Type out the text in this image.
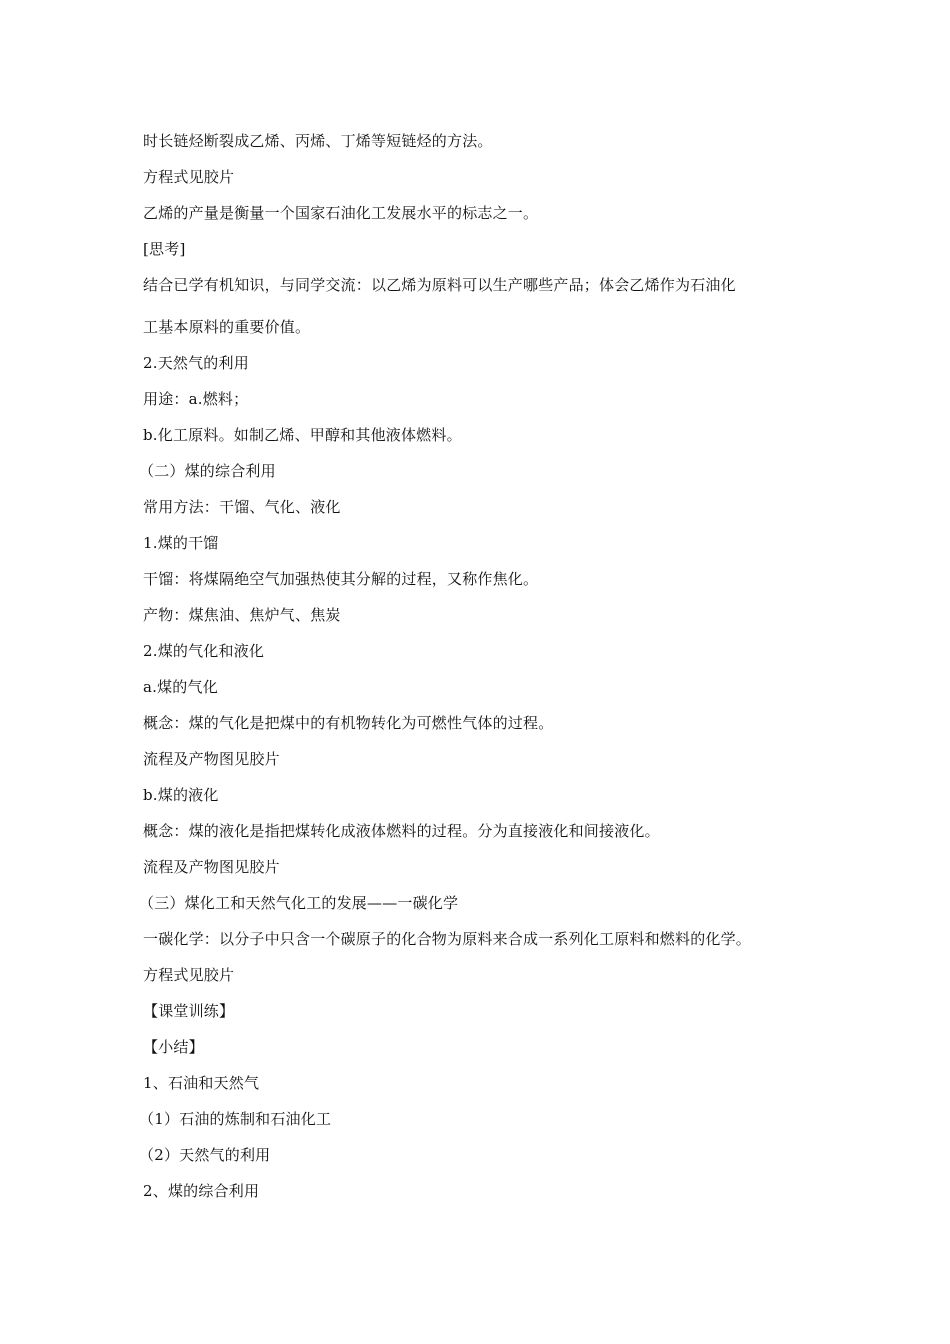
时长链烃断裂成乙烯、丙烯、丁烯等短链烃的方法。
方程式见胶片
乙烯的产量是衡量一个国家石油化工发展水平的标志之一。
[思考]
结合已学有机知识，与同学交流：以乙烯为原料可以生产哪些产品；体会乙烯作为石油化
工基本原料的重要价值。
2.天然气的利用
用途：a.燃料；
b.化工原料。如制乙烯、甲醇和其他液体燃料。
（二）煤的综合利用
常用方法：干馏、气化、液化
1.煤的干馏
干馏：将煤隔绝空气加强热使其分解的过程，又称作焦化。
产物：煤焦油、焦炉气、焦炭
2.煤的气化和液化
a.煤的气化
概念：煤的气化是把煤中的有机物转化为可燃性气体的过程。
流程及产物图见胶片
b.煤的液化
概念：煤的液化是指把煤转化成液体燃料的过程。分为直接液化和间接液化。
流程及产物图见胶片
（三）煤化工和天然气化工的发展——一碳化学
一碳化学：以分子中只含一个碳原子的化合物为原料来合成一系列化工原料和燃料的化学。
方程式见胶片
【课堂训练】
【小结】
1、石油和天然气
（1）石油的炼制和石油化工
（2）天然气的利用
2、煤的综合利用
